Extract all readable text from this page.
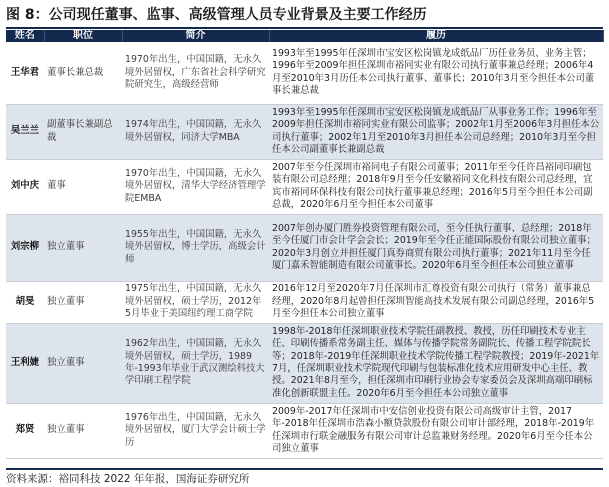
图 8：公司现任董事、监事、高级管理人员专业背景及主要工作经历
姓名	职位	简介	履历
王华君	董事长兼总裁	1970年出生，中国国籍，无永久境外居留权，广东省社会科学研究院研究生，高级经营师	1993年至1995年任深圳市宝安区松岗镇龙成纸品厂历任业务员、业务主管；1996年至2009年担任深圳市裕同实业有限公司执行董事兼总经理；2006年4月至2010年3月历任本公司执行董事、董事长；2010年3月至今担任本公司董事长兼总裁
吴兰兰	副董事长兼副总裁	1974年出生，中国国籍，无永久境外居留权，同济大学MBA	1993年至1995年任深圳市宝安区松岗镇龙成纸品厂从事业务工作；1996年至2009年担任深圳市裕同实业有限公司监事；2002年1月至2006年3月担任本公司执行董事；2002年1月至2010年3月担任本公司总经理；2010年3月至今担任本公司副董事长兼副总裁
刘中庆	董事	1970年出生，中国国籍，无永久境外居留权，清华大学经济管理学院EMBA	2007年至今任深圳市裕同电子有限公司董事；2011年至今任许昌裕同印刷包装有限公司总经理；2018年9月至今任安徽裕同文化科技有限公司总经理，宜宾市裕同环保科技有限公司执行董事兼总经理；2016年5月至今担任本公司副总裁，2020年6月至今担任本公司董事
刘宗柳	独立董事	1955年出生，中国国籍，无永久境外居留权，博士学历，高级会计师	2007年创办厦门胜券投资管理有限公司，至今任执行董事、总经理；2018年至今任厦门市会计学会会长；2019年至今任正能国际股份有限公司独立董事；2020年3月创立并担任厦门真券商贸有限公司执行董事；2021年11月至今任厦门嘉禾智能制造有限公司董事长。2020年6月至今担任本公司独立董事
胡旻	独立董事	1975年出生，中国国籍，无永久境外居留权，硕士学历，2012年5月毕业于美国纽约理工商学院	2016年12月至2020年7月任深圳市汇尊投资有限公司执行（常务）董事兼总经理，2020年8月起曾担任深圳智能高技术发展有限公司副总经理，2016年5月至今担任本公司独立董事
王利婕	独立董事	1962年出生，中国国籍，无永久境外居留权，硕士学历，1989年-1993年毕业于武汉测绘科技大学印刷工程学院	1998年-2018年任深圳职业技术学院任副教授、教授，历任印刷技术专业主任、印刷传播系常务副主任、媒体与传播学院常务副院长、传播工程学院院长等；2018年-2019年任深圳职业技术学院传播工程学院教授；2019年-2021年7月，任深圳职业技术学院现代印刷与包装标准化技术应用研发中心主任、教授。2021年8月至今，担任深圳市印刷行业协会专家委员会及深圳高端印刷标准化创新联盟主任。2020年6月至今担任本公司独立董事
郑贤	独立董事	1976年出生，中国国籍，无永久境外居留权，厦门大学会计硕士学历	2009年-2017年任深圳市中安信创业投资有限公司高级审计主管，2017年-2018年任深圳市浩森小额贷款股份有限公司审计部经理，2018年-2019年任深圳市行联金融服务有限公司审计总监兼财务经理。2020年6月至今任本公司独立董事
资料来源：裕同科技 2022 年年报，国海证券研究所
